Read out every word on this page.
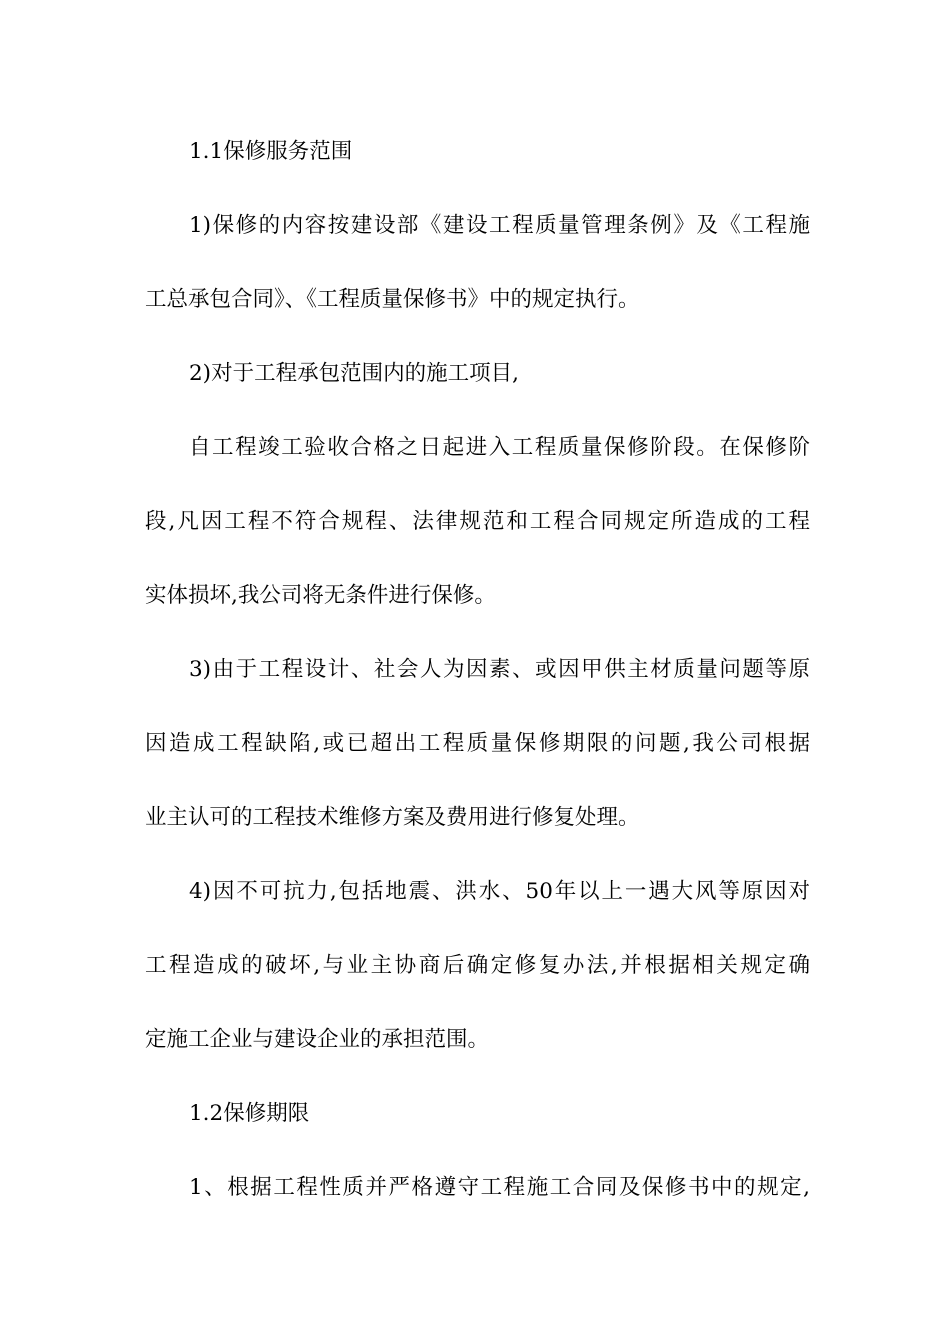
1.1保修服务范围
1)保修的内容按建设部《建设工程质量管理条例》及《工程施
工总承包合同》、《工程质量保修书》中的规定执行。
2)对于工程承包范围内的施工项目,
自工程竣工验收合格之日起进入工程质量保修阶段。在保修阶
段,凡因工程不符合规程、法律规范和工程合同规定所造成的工程
实体损坏,我公司将无条件进行保修。
3)由于工程设计、社会人为因素、或因甲供主材质量问题等原
因造成工程缺陷,或已超出工程质量保修期限的问题,我公司根据
业主认可的工程技术维修方案及费用进行修复处理。
4)因不可抗力,包括地震、洪水、50年以上一遇大风等原因对
工程造成的破坏,与业主协商后确定修复办法,并根据相关规定确
定施工企业与建设企业的承担范围。
1.2保修期限
1、根据工程性质并严格遵守工程施工合同及保修书中的规定,
